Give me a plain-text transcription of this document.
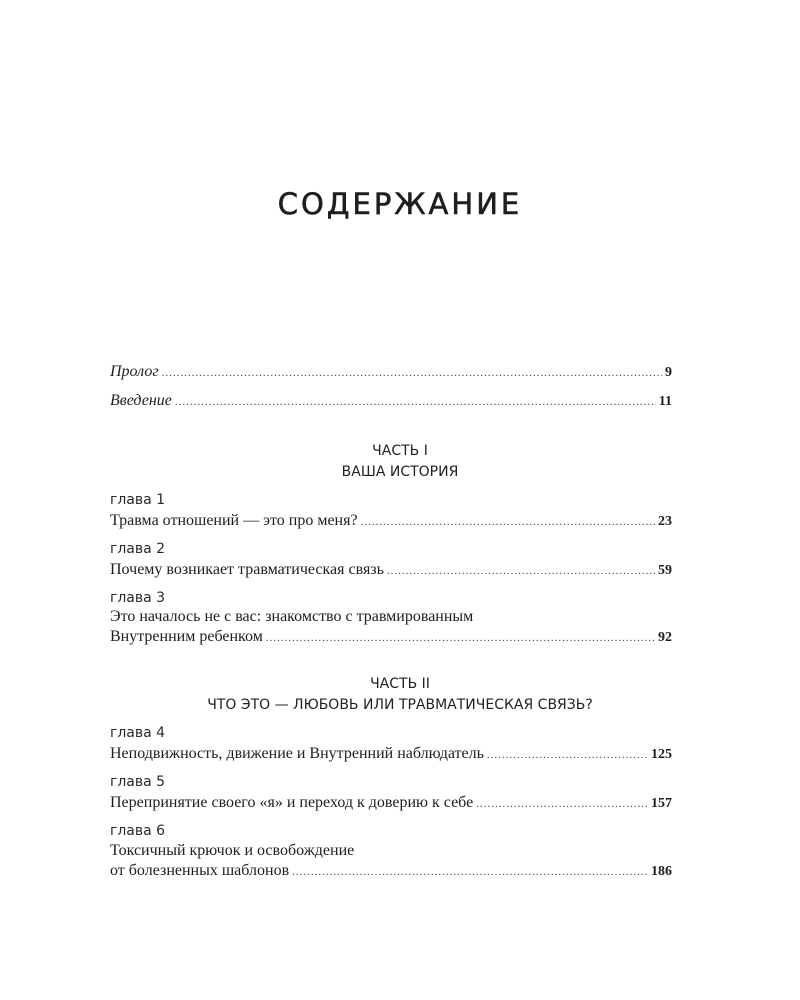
СОДЕРЖАНИЕ
Пролог .....	9
Введение .....	11
ЧАСТЬ I
ВАША ИСТОРИЯ
глава 1
Травма отношений — это про меня? .....	23
глава 2
Почему возникает травматическая связь .....	59
глава 3
Это началось не с вас: знакомство с травмированным
Внутренним ребенком .....	92
ЧАСТЬ II
ЧТО ЭТО — ЛЮБОВЬ ИЛИ ТРАВМАТИЧЕСКАЯ СВЯЗЬ?
глава 4
Неподвижность, движение и Внутренний наблюдатель .....	125
глава 5
Перепринятие своего «я» и переход к доверию к себе .....	157
глава 6
Токсичный крючок и освобождение
от болезненных шаблонов .....	186
